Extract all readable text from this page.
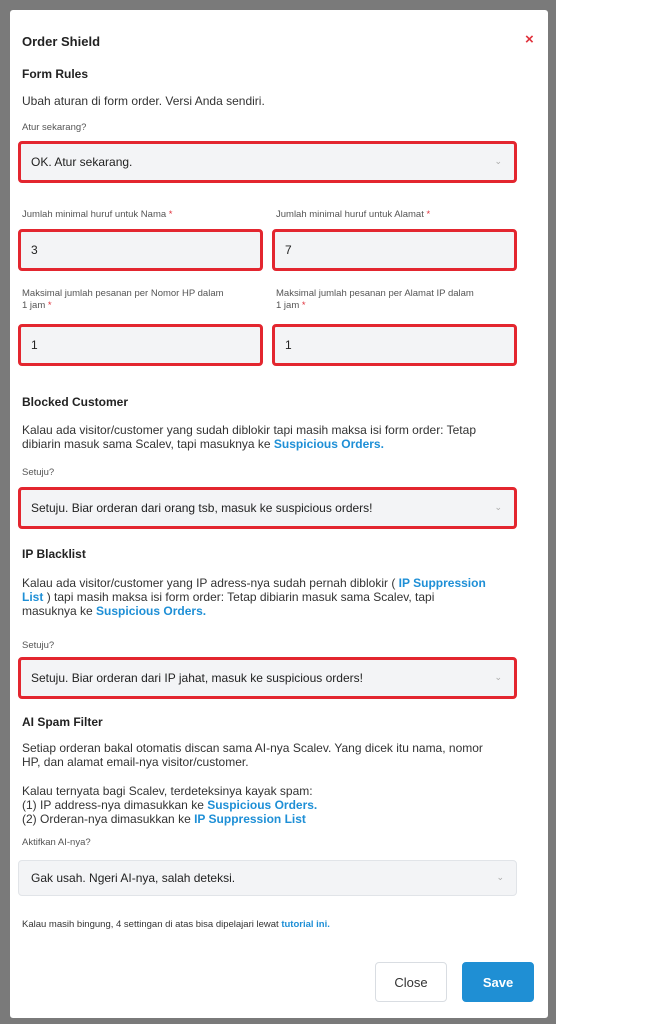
Order Shield	×
Form Rules
Ubah aturan di form order. Versi Anda sendiri.
Atur sekarang?
OK. Atur sekarang.	⌄
Jumlah minimal huruf untuk Nama *	Jumlah minimal huruf untuk Alamat *
3	7
Maksimal jumlah pesanan per Nomor HP dalam
1 jam *
Maksimal jumlah pesanan per Alamat IP dalam
1 jam *
1	1
Blocked Customer
Kalau ada visitor/customer yang sudah diblokir tapi masih maksa isi form order: Tetap
dibiarin masuk sama Scalev, tapi masuknya ke Suspicious Orders.
Setuju?
Setuju. Biar orderan dari orang tsb, masuk ke suspicious orders!	⌄
IP Blacklist
Kalau ada visitor/customer yang IP adress-nya sudah pernah diblokir ( IP Suppression
List ) tapi masih maksa isi form order: Tetap dibiarin masuk sama Scalev, tapi
masuknya ke Suspicious Orders.
Setuju?
Setuju. Biar orderan dari IP jahat, masuk ke suspicious orders!	⌄
AI Spam Filter
Setiap orderan bakal otomatis discan sama AI-nya Scalev. Yang dicek itu nama, nomor
HP, dan alamat email-nya visitor/customer.
Kalau ternyata bagi Scalev, terdeteksinya kayak spam:
(1) IP address-nya dimasukkan ke Suspicious Orders.
(2) Orderan-nya dimasukkan ke IP Suppression List
Aktifkan AI-nya?
Gak usah. Ngeri AI-nya, salah deteksi.	⌄
Kalau masih bingung, 4 settingan di atas bisa dipelajari lewat tutorial ini.
Close	Save
